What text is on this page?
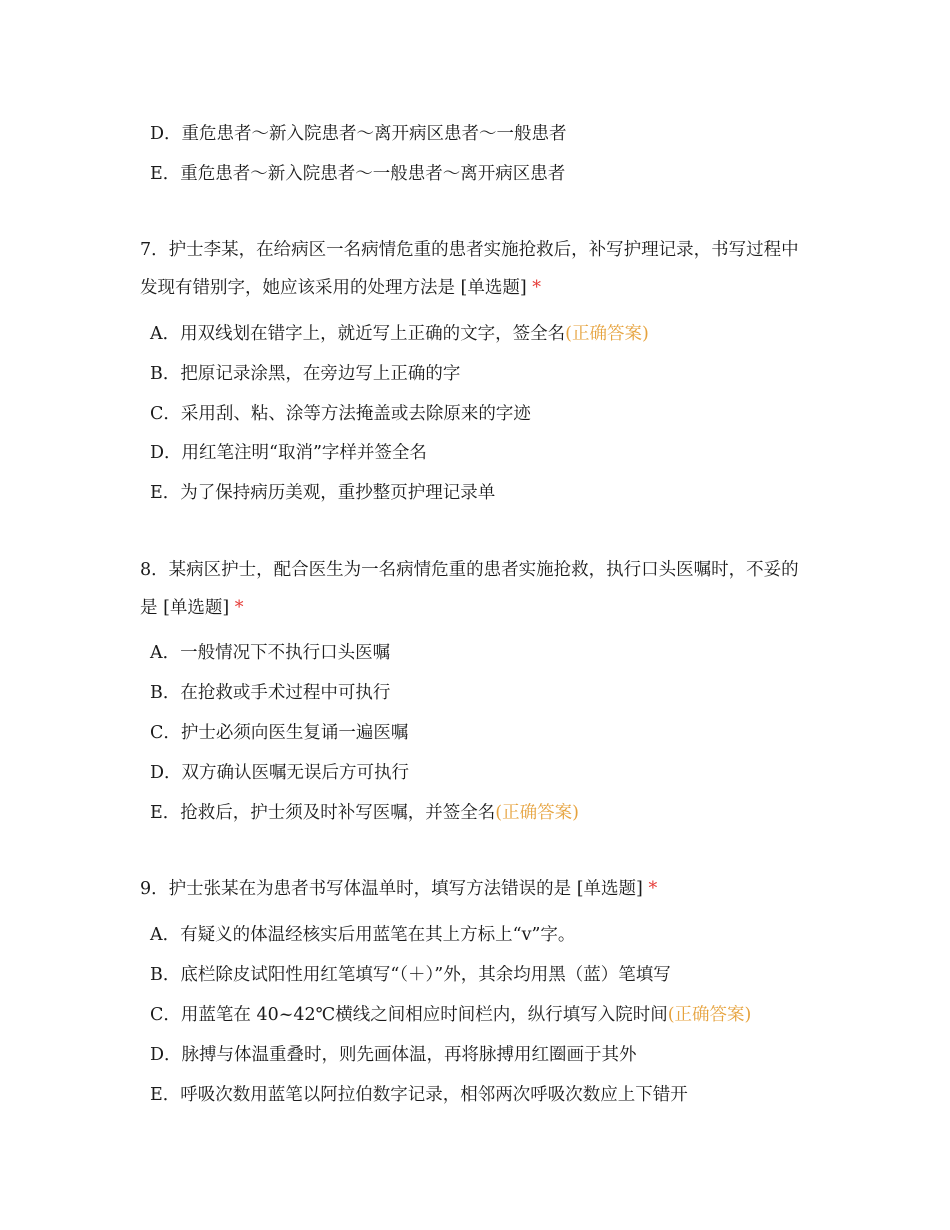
D．重危患者～新入院患者～离开病区患者～一般患者
E．重危患者～新入院患者～一般患者～离开病区患者
7．护士李某，在给病区一名病情危重的患者实施抢救后，补写护理记录，书写过程中发现有错别字，她应该采用的处理方法是 [单选题] *
A．用双线划在错字上，就近写上正确的文字，签全名(正确答案)
B．把原记录涂黑，在旁边写上正确的字
C．采用刮、粘、涂等方法掩盖或去除原来的字迹
D．用红笔注明“取消”字样并签全名
E．为了保持病历美观，重抄整页护理记录单
8．某病区护士，配合医生为一名病情危重的患者实施抢救，执行口头医嘱时，不妥的是 [单选题] *
A．一般情况下不执行口头医嘱
B．在抢救或手术过程中可执行
C．护士必须向医生复诵一遍医嘱
D．双方确认医嘱无误后方可执行
E．抢救后，护士须及时补写医嘱，并签全名(正确答案)
9．护士张某在为患者书写体温单时，填写方法错误的是 [单选题] *
A．有疑义的体温经核实后用蓝笔在其上方标上“v”字。
B．底栏除皮试阳性用红笔填写“（＋）”外，其余均用黑（蓝）笔填写
C．用蓝笔在 40~42℃横线之间相应时间栏内，纵行填写入院时间(正确答案)
D．脉搏与体温重叠时，则先画体温，再将脉搏用红圈画于其外
E．呼吸次数用蓝笔以阿拉伯数字记录，相邻两次呼吸次数应上下错开
